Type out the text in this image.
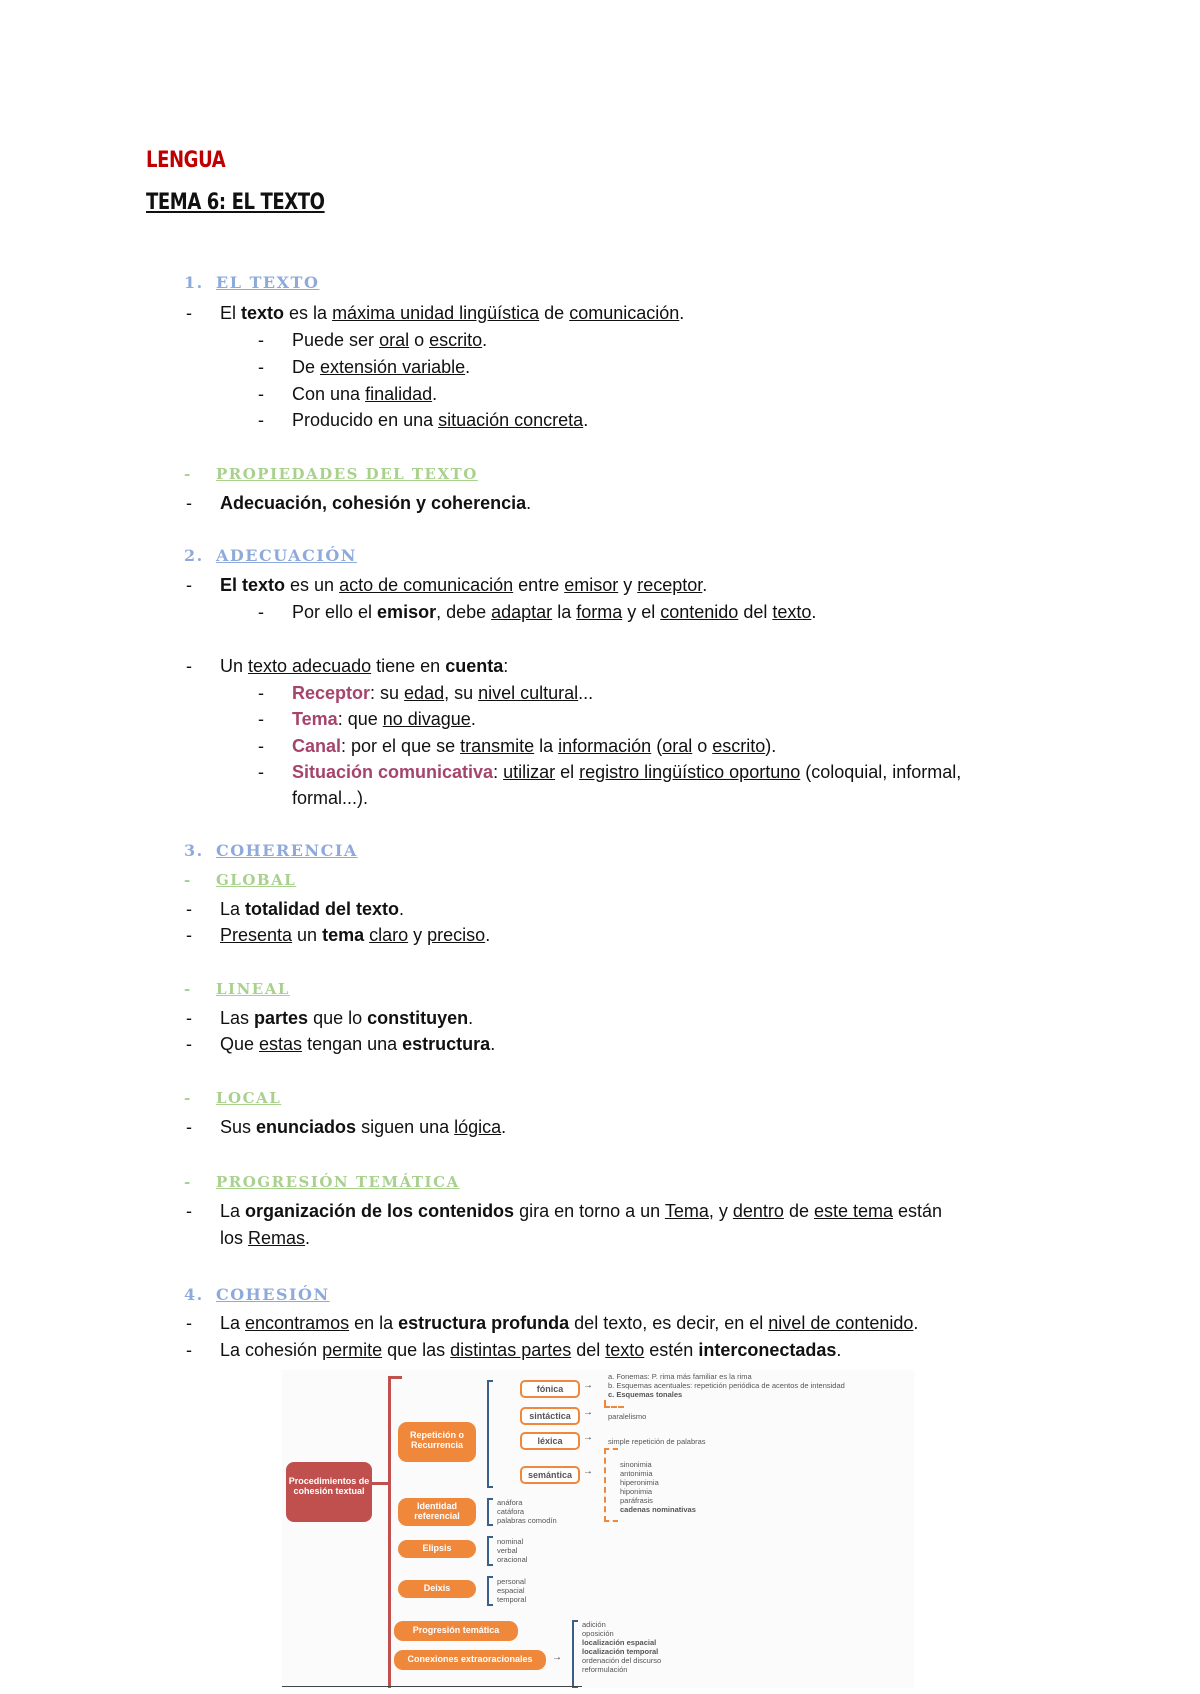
LENGUA
TEMA 6: EL TEXTO
1. EL TEXTO
- El texto es la máxima unidad lingüística de comunicación.
- Puede ser oral o escrito.
- De extensión variable.
- Con una finalidad.
- Producido en una situación concreta.
- PROPIEDADES DEL TEXTO
- Adecuación, cohesión y coherencia.
2. ADECUACIÓN
- El texto es un acto de comunicación entre emisor y receptor.
- Por ello el emisor, debe adaptar la forma y el contenido del texto.
- Un texto adecuado tiene en cuenta:
- Receptor: su edad, su nivel cultural...
- Tema: que no divague.
- Canal: por el que se transmite la información (oral o escrito).
- Situación comunicativa: utilizar el registro lingüístico oportuno (coloquial, informal,
formal...).
3. COHERENCIA
- GLOBAL
- La totalidad del texto.
- Presenta un tema claro y preciso.
- LINEAL
- Las partes que lo constituyen.
- Que estas tengan una estructura.
- LOCAL
- Sus enunciados siguen una lógica.
- PROGRESIÓN TEMÁTICA
- La organización de los contenidos gira en torno a un Tema, y dentro de este tema están
los Remas.
4. COHESIÓN
- La encontramos en la estructura profunda del texto, es decir, en el nivel de contenido.
- La cohesión permite que las distintas partes del texto estén interconectadas.
Procedimientos de cohesión textual
Repetición o Recurrencia
fónica	→
a. Fonemas: P. rima más familiar es la rima
b. Esquemas acentuales: repetición periódica de acentos de intensidad
c. Esquemas tonales
sintáctica	→ paralelismo
léxica	→ simple repetición de palabras
semántica	→
sinonimia
antonimia
hiperonimia
hiponimia
paráfrasis
cadenas nominativas
Identidad referencial
anáfora
catáfora
palabras comodín
Elipsis
nominal
verbal
oracional
Deixis
personal
espacial
temporal
Progresión temática
Conexiones extraoracionales	→
adición
oposición
localización espacial
localización temporal
ordenación del discurso
reformulación
